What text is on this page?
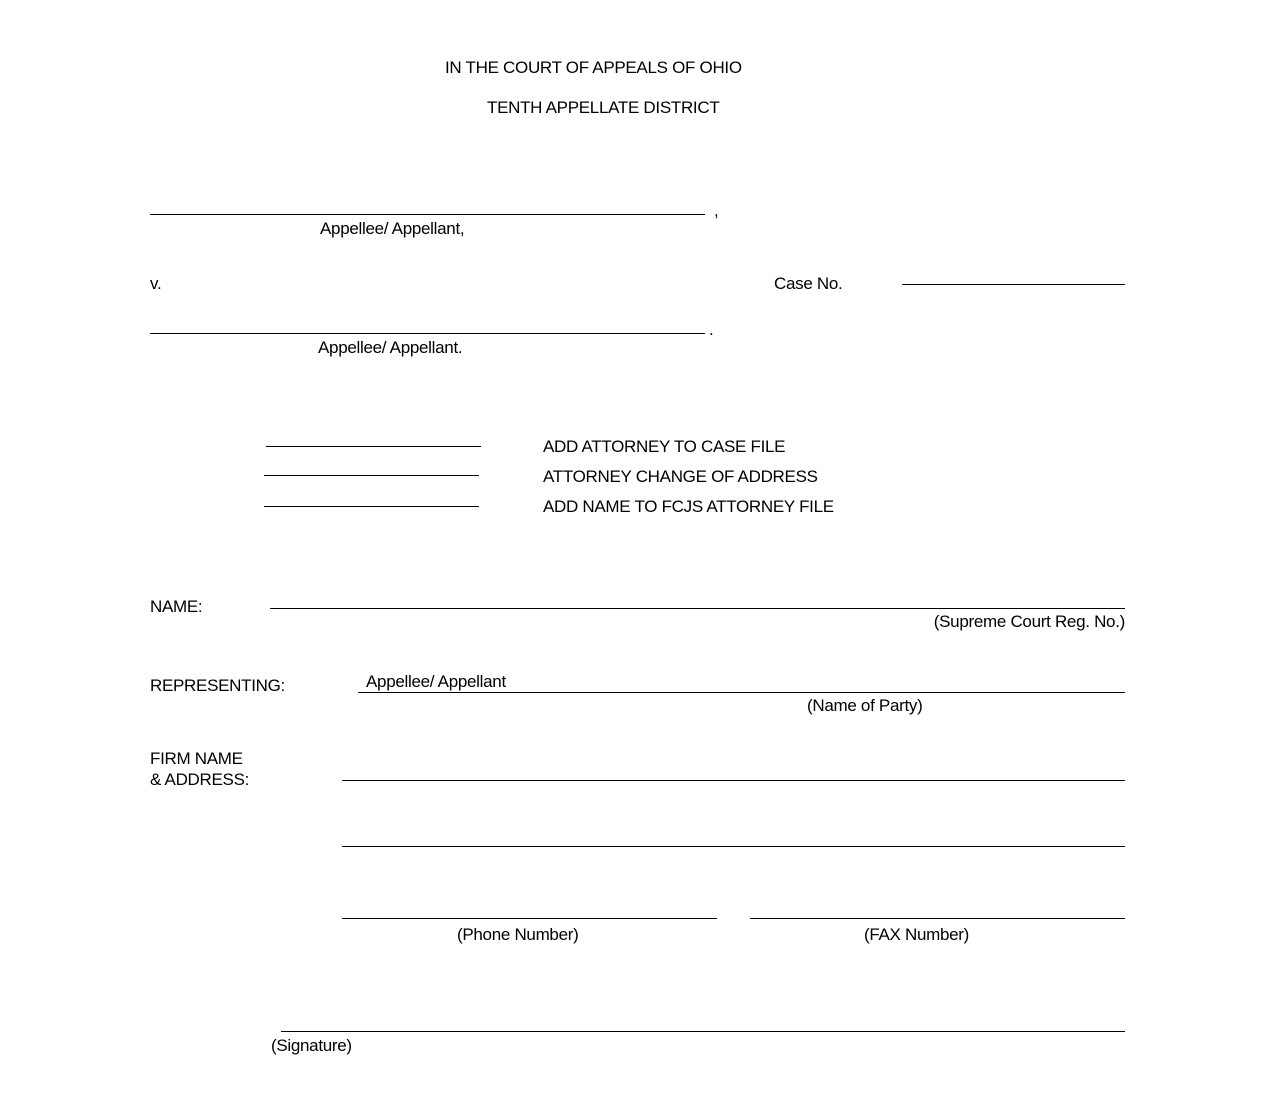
IN THE COURT OF APPEALS OF OHIO
TENTH APPELLATE DISTRICT
,
Appellee/ Appellant,
v.	Case No.
.
Appellee/ Appellant.
ADD ATTORNEY TO CASE FILE
ATTORNEY CHANGE OF ADDRESS
ADD NAME TO FCJS ATTORNEY FILE
NAME:
(Supreme Court Reg. No.)
REPRESENTING:	Appellee/ Appellant
(Name of Party)
FIRM NAME
& ADDRESS:
(Phone Number)	(FAX Number)
(Signature)
